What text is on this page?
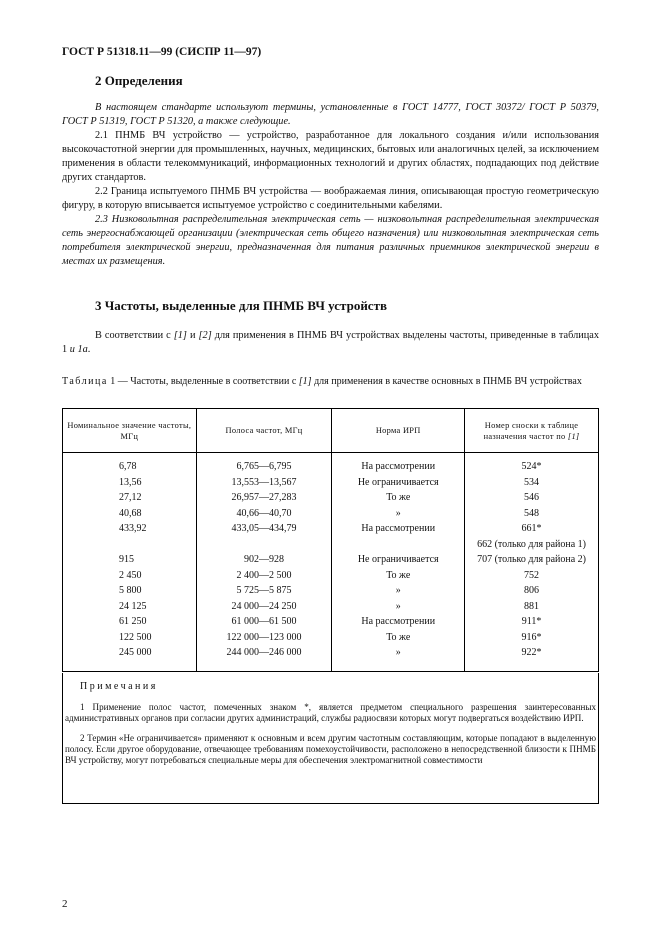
ГОСТ Р 51318.11—99 (СИСПР 11—97)
2 Определения

В настоящем стандарте используют термины, установленные в ГОСТ 14777, ГОСТ 30372/ ГОСТ Р 50379, ГОСТ Р 51319, ГОСТ Р 51320, а также следующие.

2.1 ПНМБ ВЧ устройство — устройство, разработанное для локального создания и/или использования высокочастотной энергии для промышленных, научных, медицинских, бытовых или аналогичных целей, за исключением применения в области телекоммуникаций, информационных технологий и других областях, подпадающих под действие других стандартов.

2.2 Граница испытуемого ПНМБ ВЧ устройства — воображаемая линия, описывающая простую геометрическую фигуру, в которую вписывается испытуемое устройство с соединительными кабелями.

2.3 Низковольтная распределительная электрическая сеть — низковольтная распределительная электрическая сеть энергоснабжающей организации (электрическая сеть общего назначения) или низковольтная электрическая сеть потребителя электрической энергии, предназначенная для питания различных приемников электрической энергии в местах их размещения.

3 Частоты, выделенные для ПНМБ ВЧ устройств

В соответствии с [1] и [2] для применения в ПНМБ ВЧ устройствах выделены частоты, приведенные в таблицах 1 и 1а.

Таблица 1 — Частоты, выделенные в соответствии с [1] для применения в качестве основных в ПНМБ ВЧ устройствах
Номинальное значение частоты, МГц	Полоса частот, МГц	Норма ИРП	Номер сноски к таблице назначения частот по [1]
6,78	6,765—6,795	На рассмотрении	524*
13,56	13,553—13,567	Не ограничивается	534
27,12	26,957—27,283	То же	546
40,68	40,66—40,70	»	548
433,92	433,05—434,79	На рассмотрении	661*
			662 (только для района 1)
915	902—928	Не ограничивается	707 (только для района 2)
2 450	2 400—2 500	То же	752
5 800	5 725—5 875	»	806
24 125	24 000—24 250	»	881
61 250	61 000—61 500	На рассмотрении	911*
122 500	122 000—123 000	То же	916*
245 000	244 000—246 000	»	922*
Примечания

1 Применение полос частот, помеченных знаком *, является предметом специального разрешения заинтересованных административных органов при согласии других администраций, службы радиосвязи которых могут подвергаться воздействию ИРП.

2 Термин «Не ограничивается» применяют к основным и всем другим частотным составляющим, которые попадают в выделенную полосу. Если другое оборудование, отвечающее требованиям помехоустойчивости, расположено в непосредственной близости к ПНМБ ВЧ устройству, могут потребоваться специальные меры для обеспечения электромагнитной совместимости

2
